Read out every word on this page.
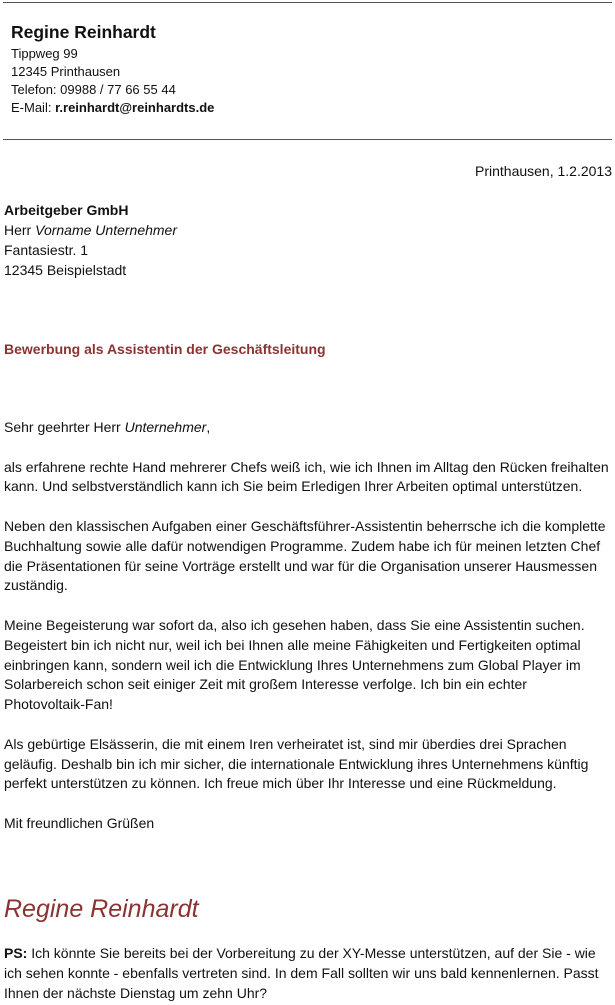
Regine Reinhardt
Tippweg 99
12345 Printhausen
Telefon: 09988 / 77 66 55 44
E-Mail: r.reinhardt@reinhardts.de
Printhausen, 1.2.2013
Arbeitgeber GmbH
Herr Vorname Unternehmer
Fantasiestr. 1
12345 Beispielstadt
Bewerbung als Assistentin der Geschäftsleitung

Sehr geehrter Herr Unternehmer,

als erfahrene rechte Hand mehrerer Chefs weiß ich, wie ich Ihnen im Alltag den Rücken freihalten kann. Und selbstverständlich kann ich Sie beim Erledigen Ihrer Arbeiten optimal unterstützen.

Neben den klassischen Aufgaben einer Geschäftsführer-Assistentin beherrsche ich die komplette Buchhaltung sowie alle dafür notwendigen Programme. Zudem habe ich für meinen letzten Chef die Präsentationen für seine Vorträge erstellt und war für die Organisation unserer Hausmessen zuständig.

Meine Begeisterung war sofort da, also ich gesehen haben, dass Sie eine Assistentin suchen. Begeistert bin ich nicht nur, weil ich bei Ihnen alle meine Fähigkeiten und Fertigkeiten optimal einbringen kann, sondern weil ich die Entwicklung Ihres Unternehmens zum Global Player im Solarbereich schon seit einiger Zeit mit großem Interesse verfolge. Ich bin ein echter Photovoltaik-Fan!

Als gebürtige Elsässerin, die mit einem Iren verheiratet ist, sind mir überdies drei Sprachen geläufig. Deshalb bin ich mir sicher, die internationale Entwicklung ihres Unternehmens künftig perfekt unterstützen zu können. Ich freue mich über Ihr Interesse und eine Rückmeldung.

Mit freundlichen Grüßen

Regine Reinhardt
PS: Ich könnte Sie bereits bei der Vorbereitung zu der XY-Messe unterstützen, auf der Sie - wie ich sehen konnte - ebenfalls vertreten sind. In dem Fall sollten wir uns bald kennenlernen. Passt Ihnen der nächste Dienstag um zehn Uhr?
